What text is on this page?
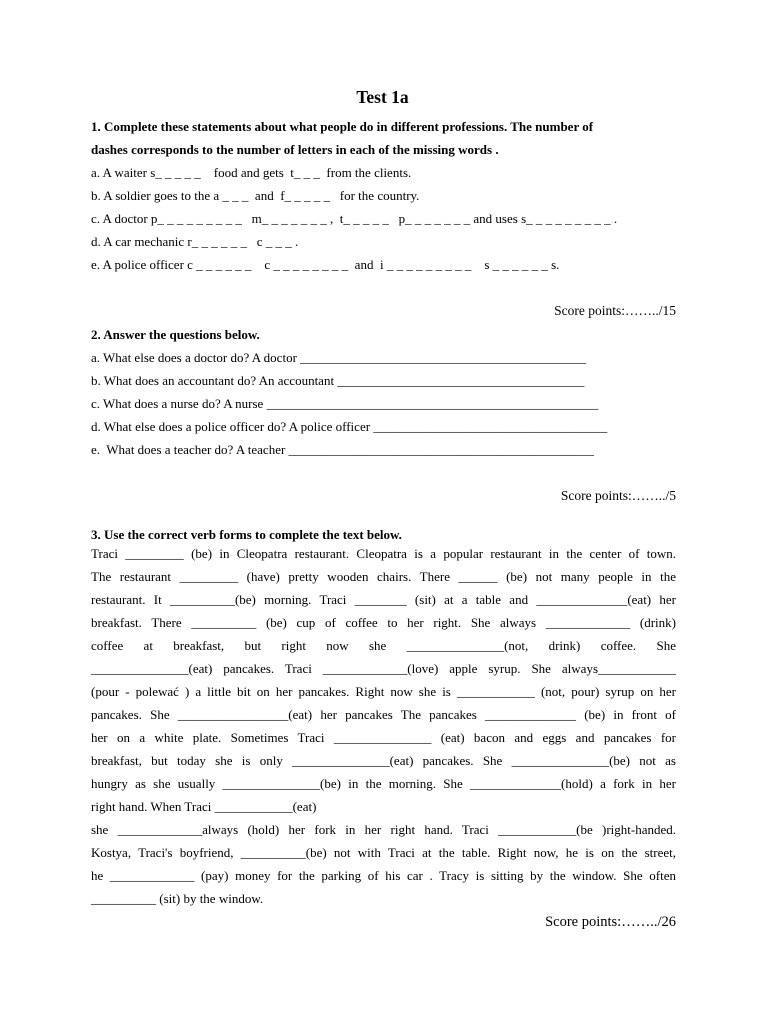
Test 1a
1. Complete these statements about what people do in different professions. The number of
dashes corresponds to the number of letters in each of the missing words .
a. A waiter s_ _ _ _ _    food and gets  t_ _ _  from the clients.
b. A soldier goes to the a _ _ _  and  f_ _ _ _ _   for the country.
c. A doctor p_ _ _ _ _ _ _ _ _   m_ _ _ _ _ _ _ ,  t_ _ _ _ _   p_ _ _ _ _ _ _ and uses s_ _ _ _ _ _ _ _ _ .
d. A car mechanic r_ _ _ _ _ _   c _ _ _ .
e. A police officer c _ _ _ _ _ _    c _ _ _ _ _ _ _ _  and  i _ _ _ _ _ _ _ _ _    s _ _ _ _ _ _ s.
Score points:……../15
2. Answer the questions below.
a. What else does a doctor do? A doctor ____________________________________________
b. What does an accountant do? An accountant ______________________________________
c. What does a nurse do? A nurse ___________________________________________________
d. What else does a police officer do? A police officer ____________________________________
e.  What does a teacher do? A teacher _______________________________________________
Score points:……../5
3. Use the correct verb forms to complete the text below.
Traci _________ (be) in Cleopatra restaurant. Cleopatra is a popular restaurant in the center of town.
The restaurant _________ (have) pretty wooden chairs. There ______ (be) not many people in the
restaurant. It __________(be) morning. Traci ________ (sit) at a table and ______________(eat) her
breakfast. There __________ (be) cup of coffee to her right. She always _____________ (drink)
coffee at breakfast, but right now she _______________(not, drink) coffee. She
_______________(eat) pancakes. Traci _____________(love) apple syrup. She always____________
(pour - polewać ) a little bit on her pancakes. Right now she is ____________ (not, pour) syrup on her
pancakes. She _________________(eat) her pancakes The pancakes ______________ (be) in front of
her on a white plate. Sometimes Traci _______________ (eat) bacon and eggs and pancakes for
breakfast, but today she is only _______________(eat) pancakes. She _______________(be) not as
hungry as she usually _______________(be) in the morning. She ______________(hold) a fork in her
right hand. When Traci ____________(eat)
she _____________always (hold) her fork in her right hand. Traci ____________(be )right-handed.
Kostya, Traci's boyfriend, __________(be) not with Traci at the table. Right now, he is on the street,
he _____________ (pay) money for the parking of his car . Tracy is sitting by the window. She often
__________ (sit) by the window.
Score points:……../26
